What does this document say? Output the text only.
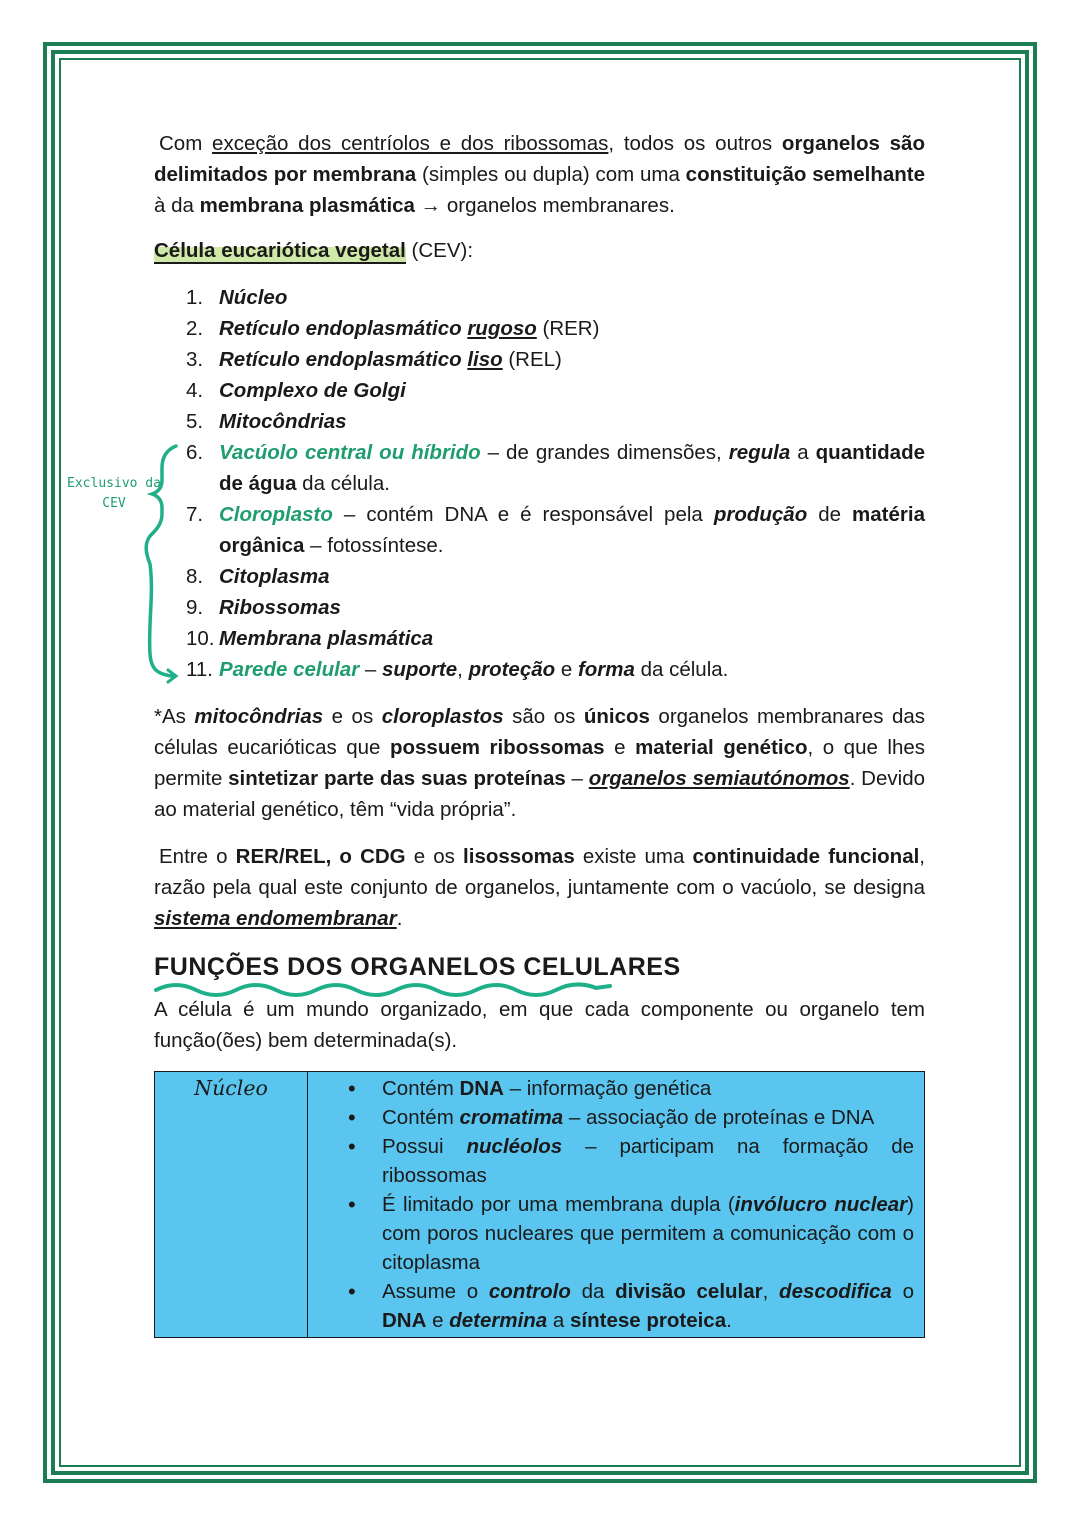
Exclusivo da
CEV

Com exceção dos centríolos e dos ribossomas, todos os outros organelos são delimitados por membrana (simples ou dupla) com uma constituição semelhante à da membrana plasmática → organelos membranares.

Célula eucariótica vegetal (CEV):
1. Núcleo
2. Retículo endoplasmático rugoso (RER)
3. Retículo endoplasmático liso (REL)
4. Complexo de Golgi
5. Mitocôndrias
6. Vacúolo central ou híbrido – de grandes dimensões, regula a quantidade de água da célula.
7. Cloroplasto – contém DNA e é responsável pela produção de matéria orgânica – fotossíntese.
8. Citoplasma
9. Ribossomas
10. Membrana plasmática
11. Parede celular – suporte, proteção e forma da célula.

*As mitocôndrias e os cloroplastos são os únicos organelos membranares das células eucarióticas que possuem ribossomas e material genético, o que lhes permite sintetizar parte das suas proteínas – organelos semiautónomos. Devido ao material genético, têm “vida própria”.

Entre o RER/REL, o CDG e os lisossomas existe uma continuidade funcional, razão pela qual este conjunto de organelos, juntamente com o vacúolo, se designa sistema endomembranar.

FUNÇÕES DOS ORGANELOS CELULARES

A célula é um mundo organizado, em que cada componente ou organelo tem função(ões) bem determinada(s).

Núcleo	
•Contém DNA – informação genética
• Contém cromatima – associação de proteínas e DNA
• Possui nucléolos – participam na formação de ribossomas
• É limitado por uma membrana dupla (invólucro nuclear) com poros nucleares que permitem a comunicação com o citoplasma
• Assume o controlo da divisão celular, descodifica o DNA e determina a síntese proteica.
